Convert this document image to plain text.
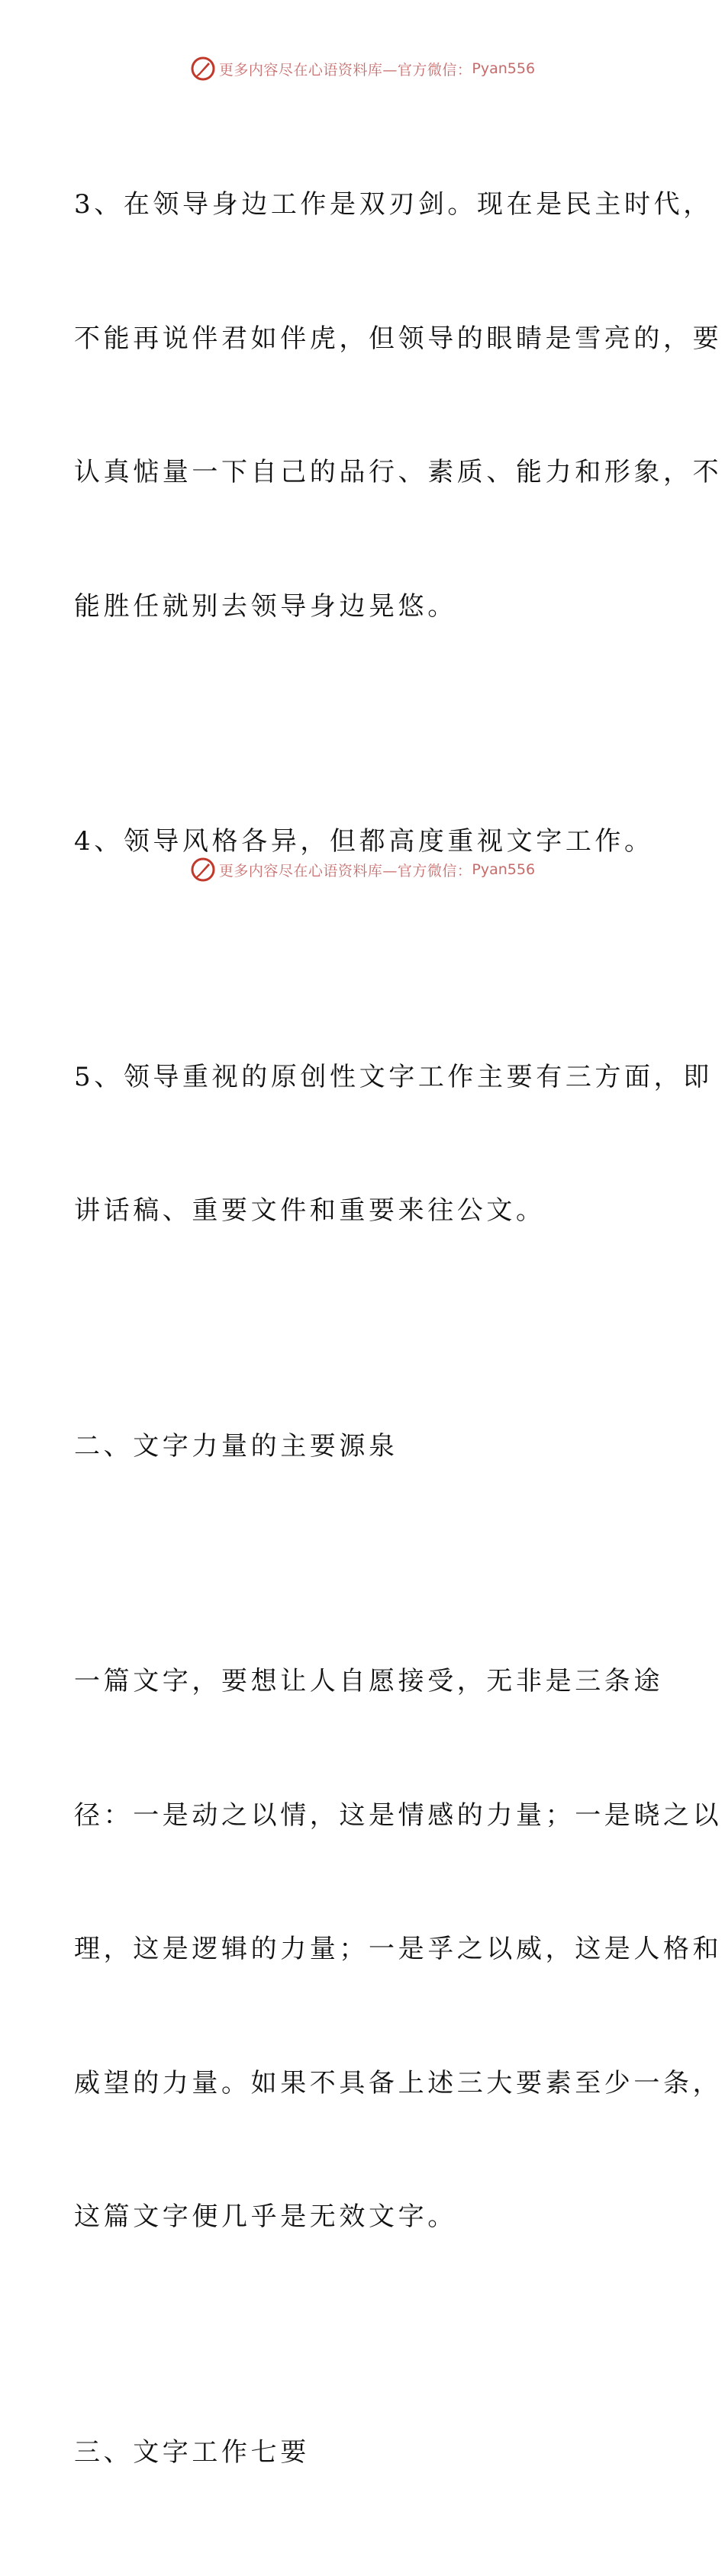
更多内容尽在心语资料库—官方微信： Pyan556

3、在领导身边工作是双刃剑。现在是民主时代，

不能再说伴君如伴虎，但领导的眼睛是雪亮的，要

认真惦量一下自己的品行、素质、能力和形象，不

能胜任就别去领导身边晃悠。

4、领导风格各异，但都高度重视文字工作。

5、领导重视的原创性文字工作主要有三方面，即

讲话稿、重要文件和重要来往公文。

二、文字力量的主要源泉

一篇文字，要想让人自愿接受，无非是三条途

径：一是动之以情，这是情感的力量；一是晓之以

理，这是逻辑的力量；一是孚之以威，这是人格和

威望的力量。如果不具备上述三大要素至少一条，

这篇文字便几乎是无效文字。

三、文字工作七要

更多内容尽在心语资料库—官方微信： Pyan556
